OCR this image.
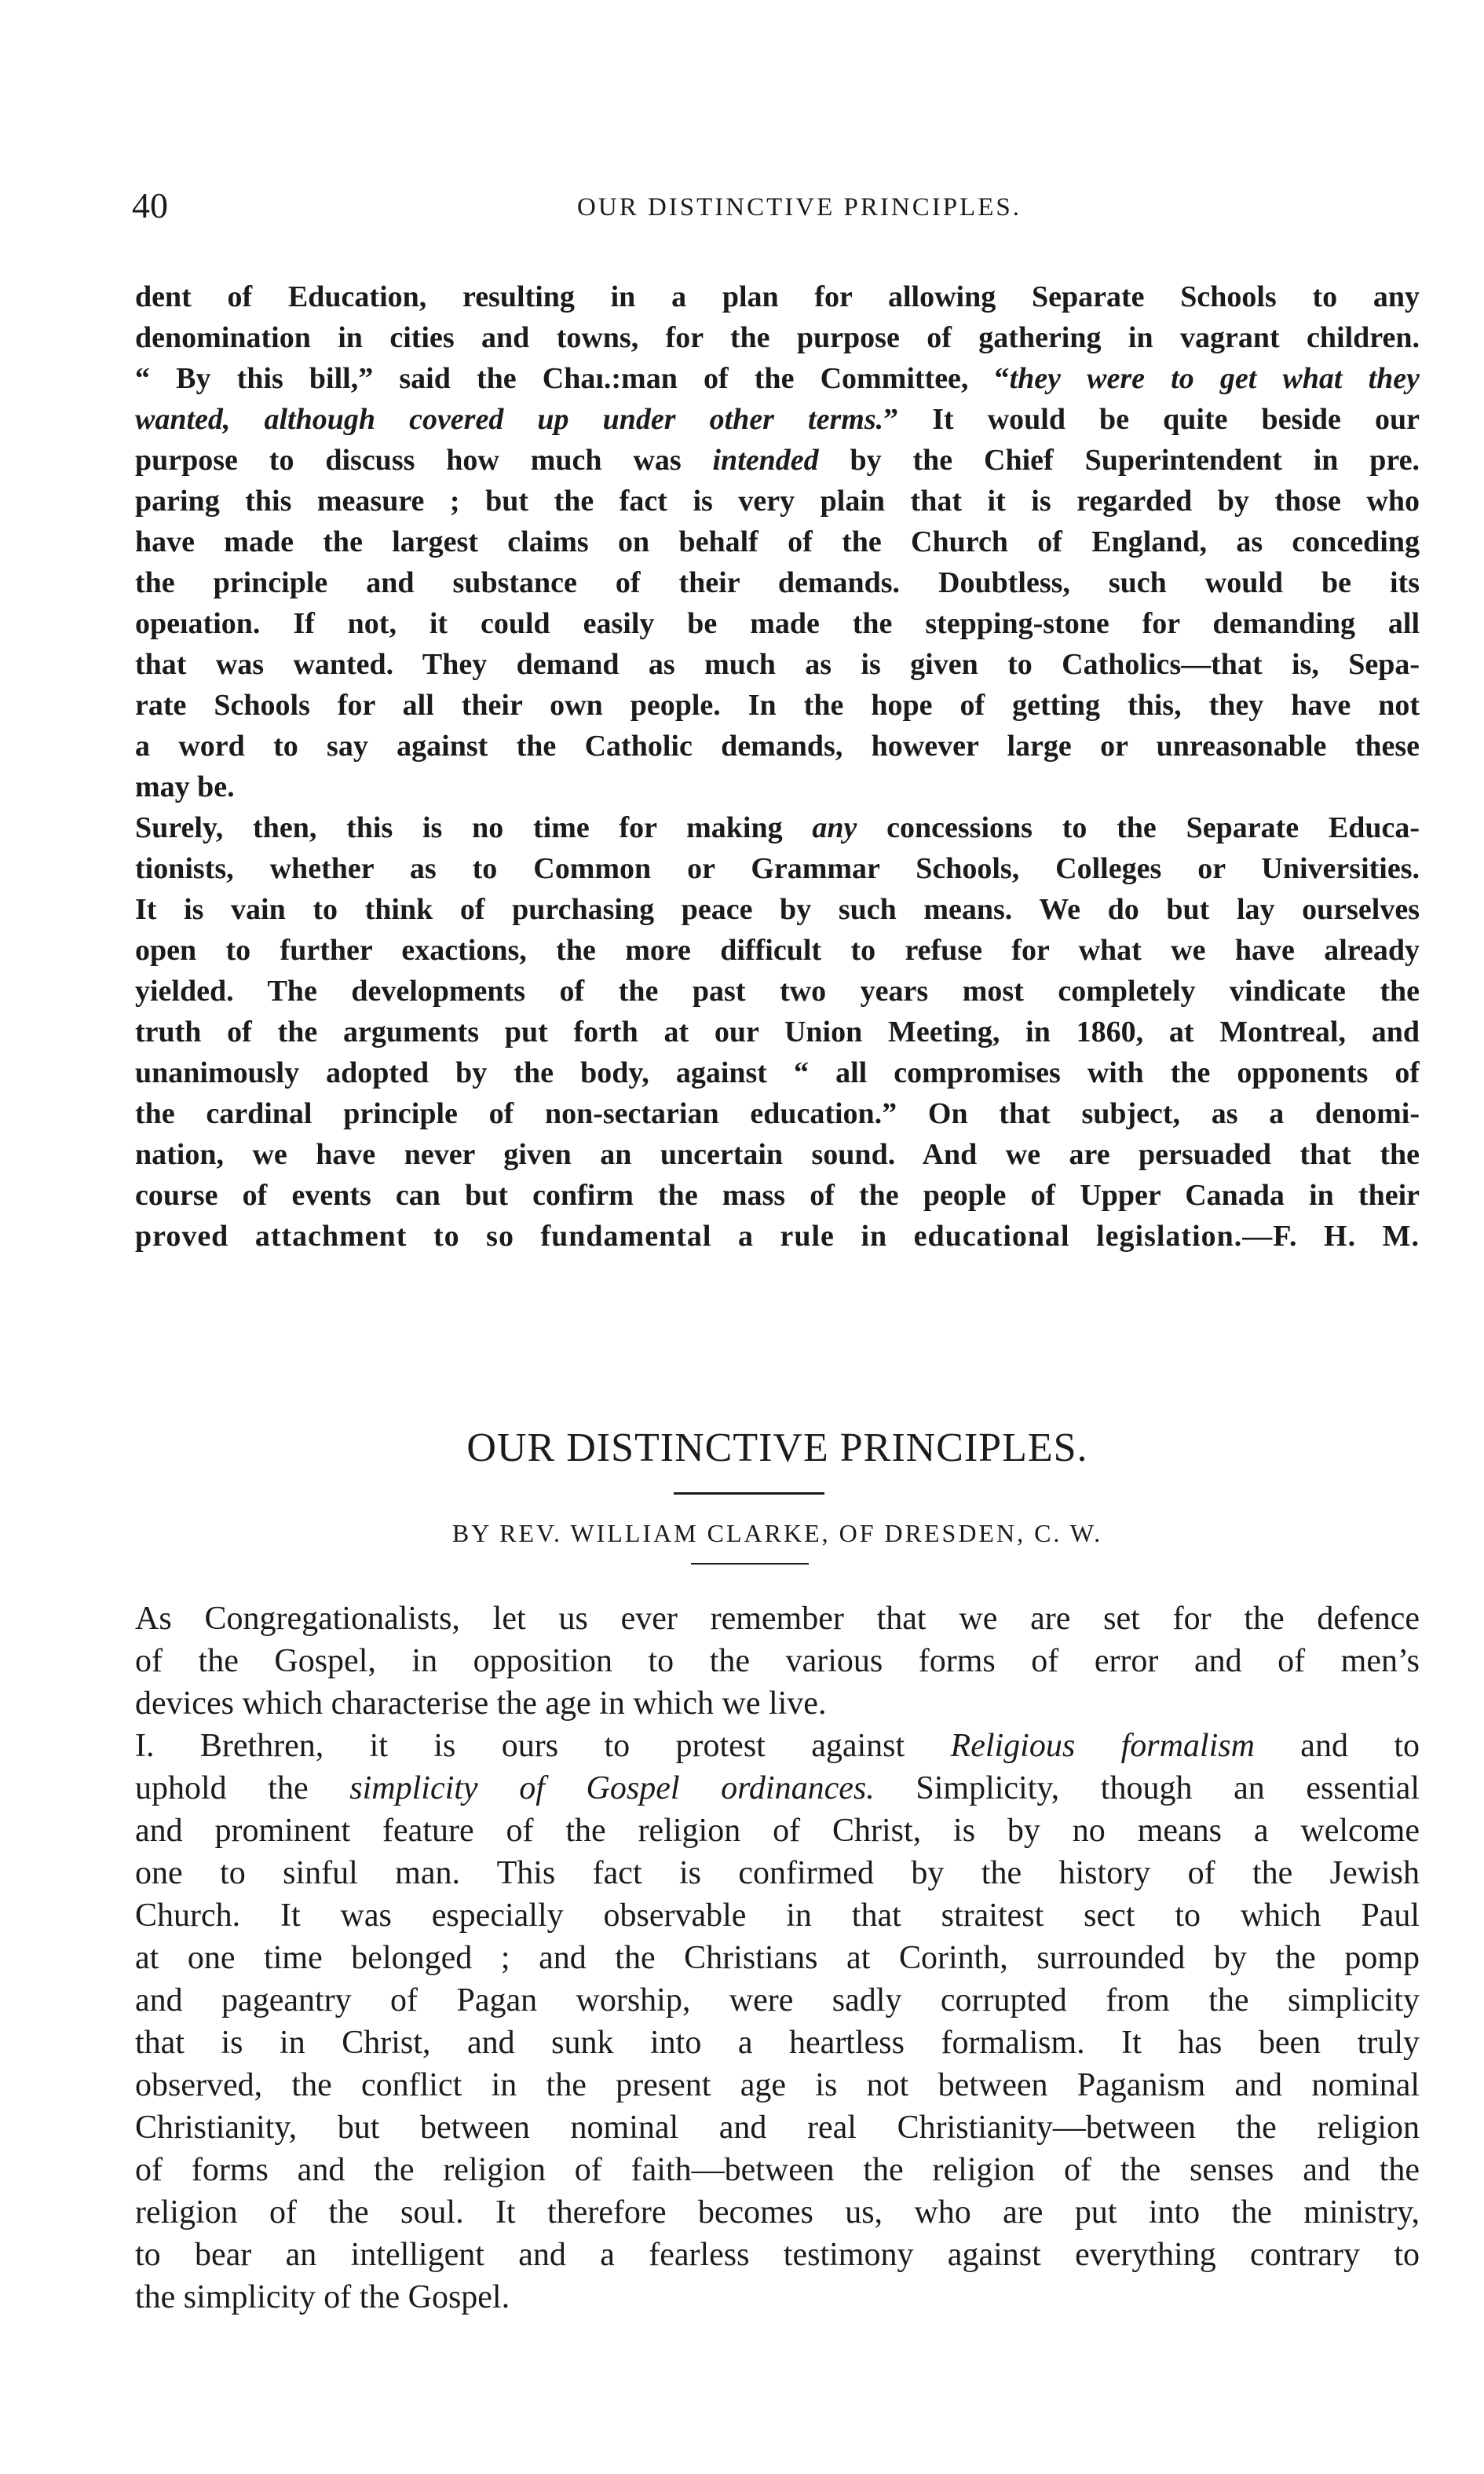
40	OUR DISTINCTIVE PRINCIPLES.
dent of Education, resulting in a plan for allowing Separate Schools to any
denomination in cities and towns, for the purpose of gathering in vagrant children.
“ By this bill,” said the Chaı.:man of the Committee, “they were to get what they
wanted, although covered up under other terms.” It would be quite beside our
purpose to discuss how much was intended by the Chief Superintendent in pre.
paring this measure ; but the fact is very plain that it is regarded by those who
have made the largest claims on behalf of the Church of England, as conceding
the principle and substance of their demands. Doubtless, such would be its
opeıation. If not, it could easily be made the stepping-stone for demanding all
that was wanted. They demand as much as is given to Catholics—that is, Sepa-
rate Schools for all their own people. In the hope of getting this, they have not
a word to say against the Catholic demands, however large or unreasonable these
may be.
Surely, then, this is no time for making any concessions to the Separate Educa-
tionists, whether as to Common or Grammar Schools, Colleges or Universities.
It is vain to think of purchasing peace by such means. We do but lay ourselves
open to further exactions, the more difficult to refuse for what we have already
yielded. The developments of the past two years most completely vindicate the
truth of the arguments put forth at our Union Meeting, in 1860, at Montreal, and
unanimously adopted by the body, against “ all compromises with the opponents of
the cardinal principle of non-sectarian education.” On that subject, as a denomi-
nation, we have never given an uncertain sound. And we are persuaded that the
course of events can but confirm the mass of the people of Upper Canada in their
proved attachment to so fundamental a rule in educational legislation.—F. H. M.
OUR DISTINCTIVE PRINCIPLES.
BY REV. WILLIAM CLARKE, OF DRESDEN, C. W.
As Congregationalists, let us ever remember that we are set for the defence
of the Gospel, in opposition to the various forms of error and of men’s
devices which characterise the age in which we live.
I. Brethren, it is ours to protest against Religious formalism and to
uphold the simplicity of Gospel ordinances. Simplicity, though an essential
and prominent feature of the religion of Christ, is by no means a welcome
one to sinful man. This fact is confirmed by the history of the Jewish
Church. It was especially observable in that straitest sect to which Paul
at one time belonged ; and the Christians at Corinth, surrounded by the pomp
and pageantry of Pagan worship, were sadly corrupted from the simplicity
that is in Christ, and sunk into a heartless formalism. It has been truly
observed, the conflict in the present age is not between Paganism and nominal
Christianity, but between nominal and real Christianity—between the religion
of forms and the religion of faith—between the religion of the senses and the
religion of the soul. It therefore becomes us, who are put into the ministry,
to bear an intelligent and a fearless testimony against everything contrary to
the simplicity of the Gospel.
